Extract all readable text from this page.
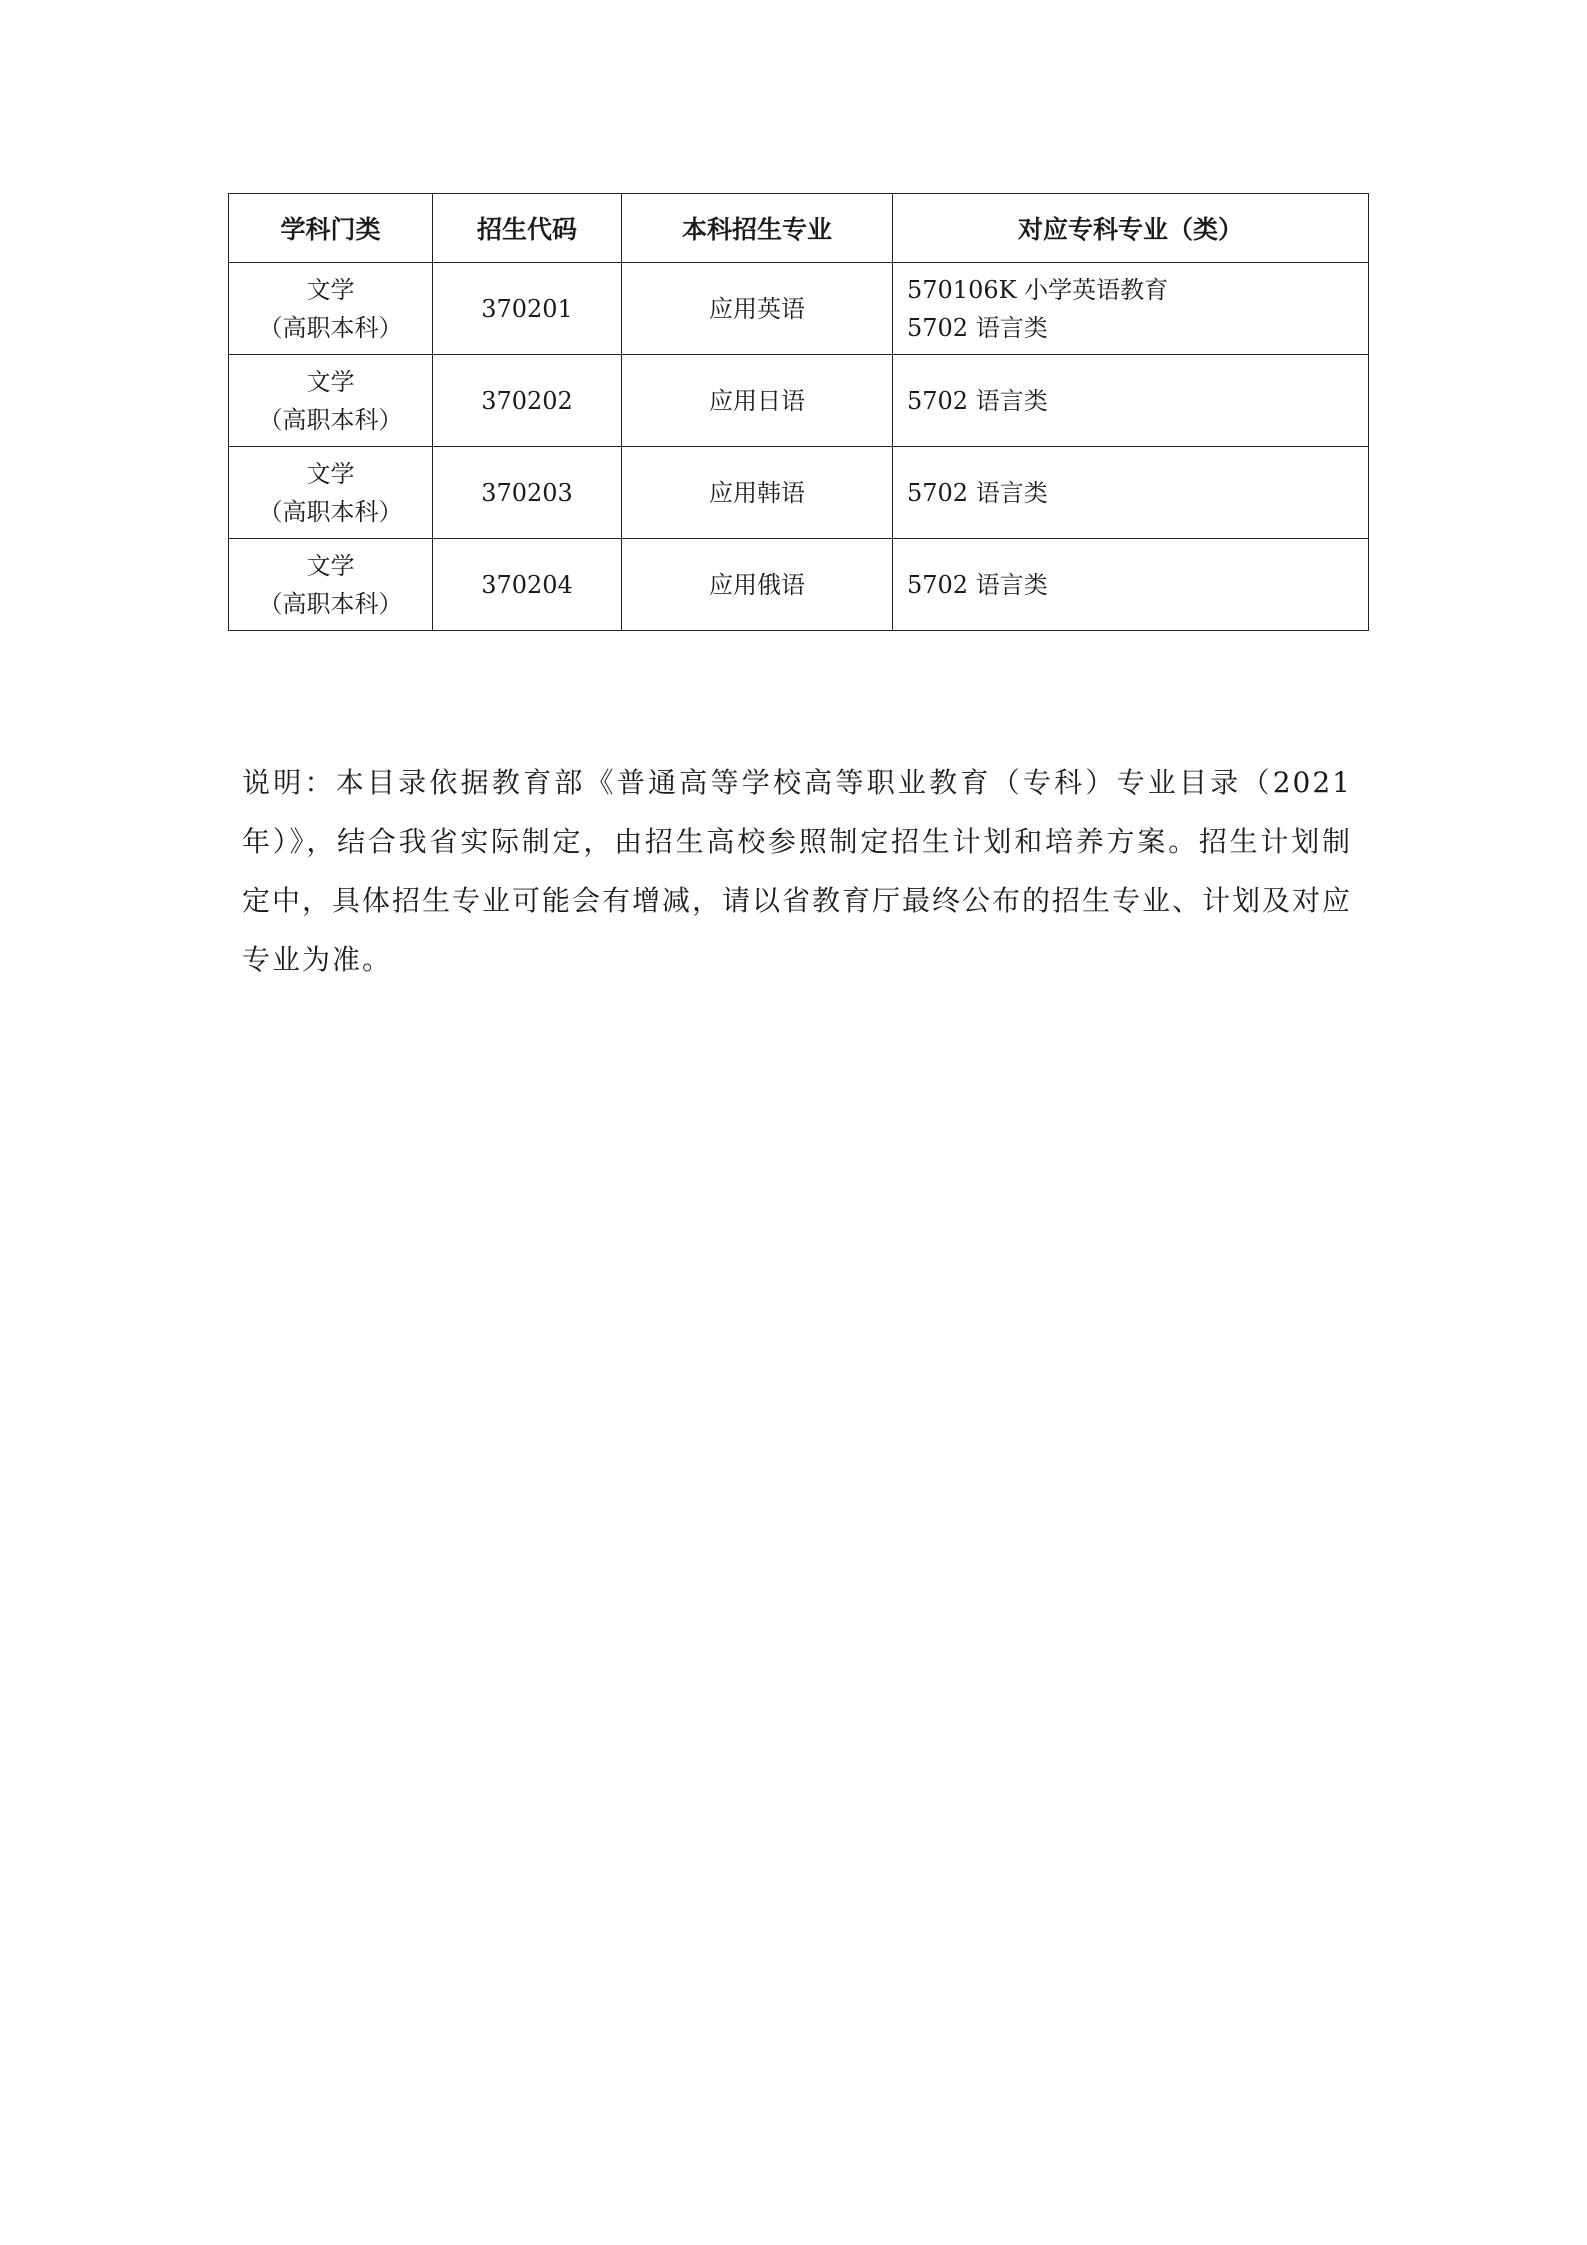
学科门类	招生代码	本科招生专业	对应专科专业（类）

文学
（高职本科）	370201	应用英语	570106K 小学英语教育
5702 语言类

文学
（高职本科）	370202	应用日语	5702 语言类

文学
（高职本科）	370203	应用韩语	5702 语言类

文学
（高职本科）	370204	应用俄语	5702 语言类

说明：本目录依据教育部《普通高等学校高等职业教育（专科）专业目录（2021年）》，结合我省实际制定，由招生高校参照制定招生计划和培养方案。招生计划制定中，具体招生专业可能会有增减，请以省教育厅最终公布的招生专业、计划及对应专业为准。
